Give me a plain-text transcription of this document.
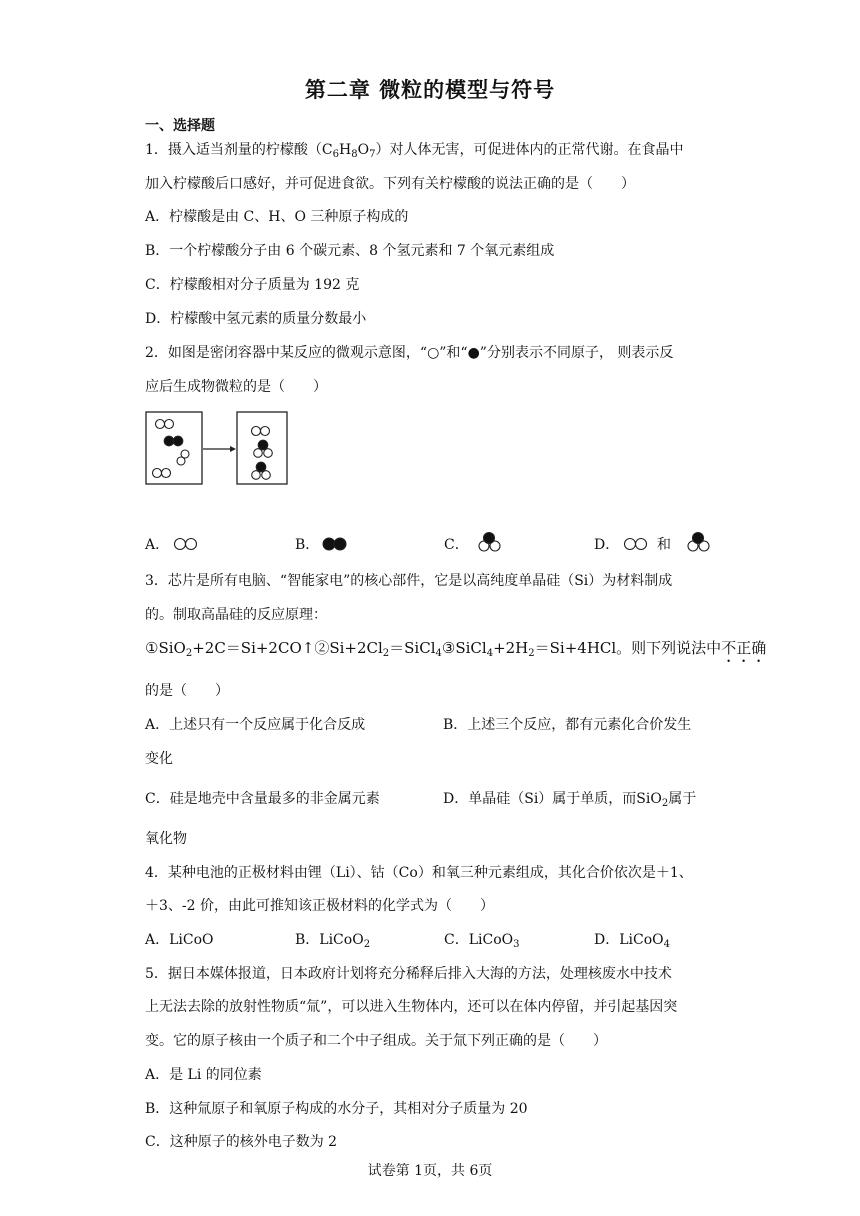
第二章 微粒的模型与符号
一、选择题
1．摄入适当剂量的柠檬酸$(C_6H_8O_7)$对人体无害，可促进体内的正常代谢。在食晶中
加入柠檬酸后口感好，并可促进食欲。下列有关柠檬酸的说法正确的是（　　）
A．柠檬酸是由 C、H、O 三种原子构成的
B．一个柠檬酸分子由 6 个碳元素、8 个氢元素和 7 个氧元素组成
C．柠檬酸相对分子质量为 192 克
D．柠檬酸中氢元素的质量分数最小
2．如图是密闭容器中某反应的微观示意图，“○”和“●”分别表示不同原子， 则表示反
应后生成物微粒的是（　　）
A．	B．	C．	D．	和
3．芯片是所有电脑、“智能家电”的核心部件，它是以高纯度单晶硅（Si）为材料制成
的。制取高晶硅的反应原理：
$①SiO_2+2C=Si+2CO↑②Si+2Cl_2=SiCl_4③SiCl_4+2H_2=Si+4HCl$。则下列说法中不正确
的是（　　）
A．上述只有一个反应属于化合反成	B．上述三个反应，都有元素化合价发生
变化
C．硅是地壳中含量最多的非金属元素	D．单晶硅（Si）属于单质，而SiO$_2$属于
氧化物
4．某种电池的正极材料由锂（Li）、钴（Co）和氧三种元素组成，其化合价依次是＋1、
＋3、-2 价，由此可推知该正极材料的化学式为（　　）
A．LiCoO	B．LiCoO$_2$	C．LiCoO$_3$	D．LiCoO$_4$
5．据日本媒体报道，日本政府计划将充分稀释后排入大海的方法，处理核废水中技术
上无法去除的放射性物质“氚”，可以进入生物体内，还可以在体内停留，并引起基因突
变。它的原子核由一个质子和二个中子组成。关于氚下列正确的是（　　）
A．是 Li 的同位素
B．这种氚原子和氧原子构成的水分子，其相对分子质量为 20
C．这种原子的核外电子数为 2
试卷第 1页，共 6页
